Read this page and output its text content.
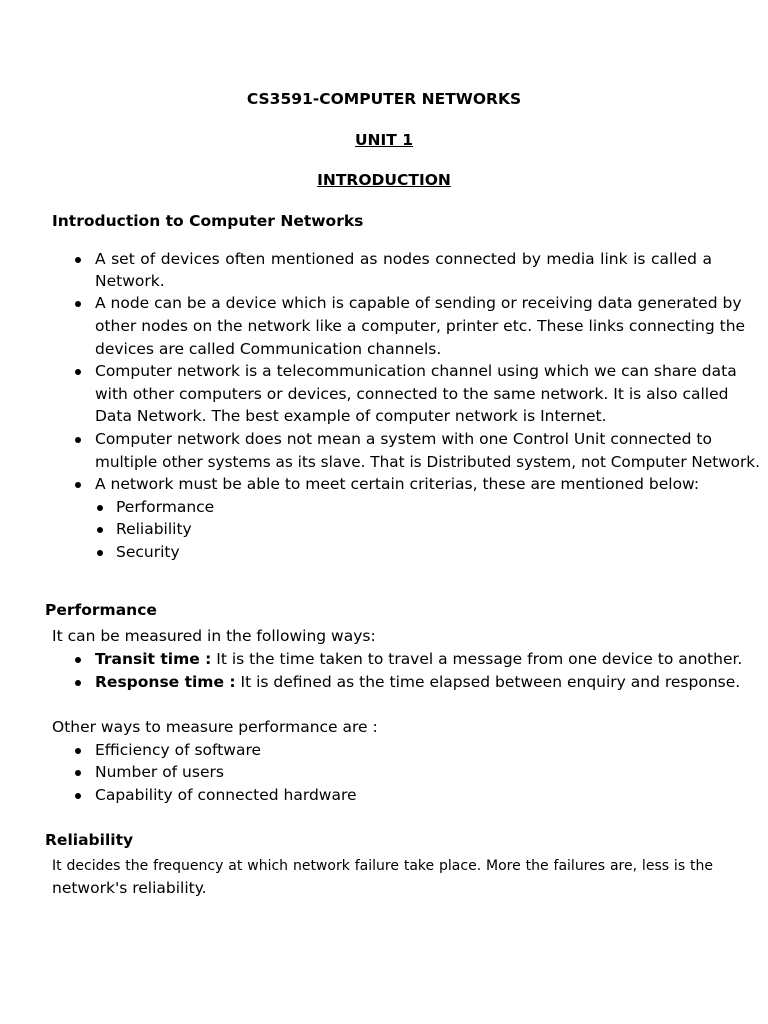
CS3591-COMPUTER NETWORKS
UNIT 1
INTRODUCTION
Introduction to Computer Networks
A set of devices often mentioned as nodes connected by media link is called a
Network.
A node can be a device which is capable of sending or receiving data generated by
other nodes on the network like a computer, printer etc. These links connecting the
devices are called Communication channels.
Computer network is a telecommunication channel using which we can share data
with other computers or devices, connected to the same network. It is also called
Data Network. The best example of computer network is Internet.
Computer network does not mean a system with one Control Unit connected to
multiple other systems as its slave. That is Distributed system, not Computer Network.
A network must be able to meet certain criterias, these are mentioned below:
Performance
Reliability
Security
Performance
It can be measured in the following ways:
Transit time : It is the time taken to travel a message from one device to another.
Response time : It is defined as the time elapsed between enquiry and response.
Other ways to measure performance are :
Efficiency of software
Number of users
Capability of connected hardware
Reliability
It decides the frequency at which network failure take place. More the failures are, less is the
network's reliability.
